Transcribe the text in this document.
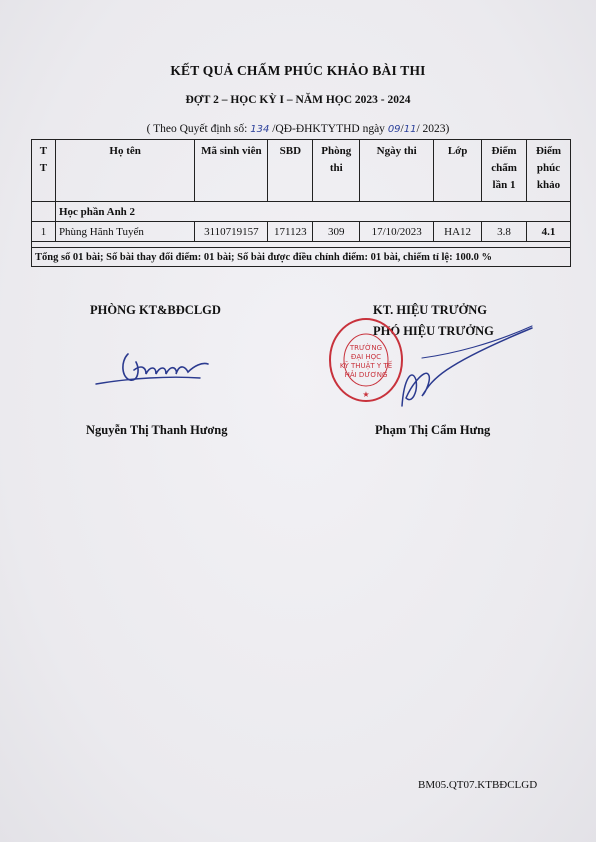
KẾT QUẢ CHẤM PHÚC KHẢO BÀI THI
ĐỢT 2 – HỌC KỲ I – NĂM HỌC 2023 - 2024
( Theo Quyết định số: 134 /QĐ-ĐHKTYTHD ngày 09/11/ 2023)
T T	Họ tên	Mã sinh viên	SBD	Phòng thi	Ngày thi	Lớp	Điểm chấm lần 1	Điểm phúc khảo
	Học phần Anh 2							
1	Phùng Hãnh Tuyển	3110719157	171123	309	17/10/2023	HA12	3.8	4.1

Tổng số 01 bài; Số bài thay đổi điểm: 01 bài; Số bài được điều chỉnh điểm: 01 bài, chiếm tỉ lệ: 100.0 %								
PHÒNG KT&BĐCLGD	KT. HIỆU TRƯỞNG
PHÓ HIỆU TRƯỞNG
TRƯỜNG
ĐẠI HỌC
KỸ THUẬT Y TẾ
HẢI DƯƠNG
★
Nguyễn Thị Thanh Hương	Phạm Thị Cẩm Hưng
BM05.QT07.KTBĐCLGD
